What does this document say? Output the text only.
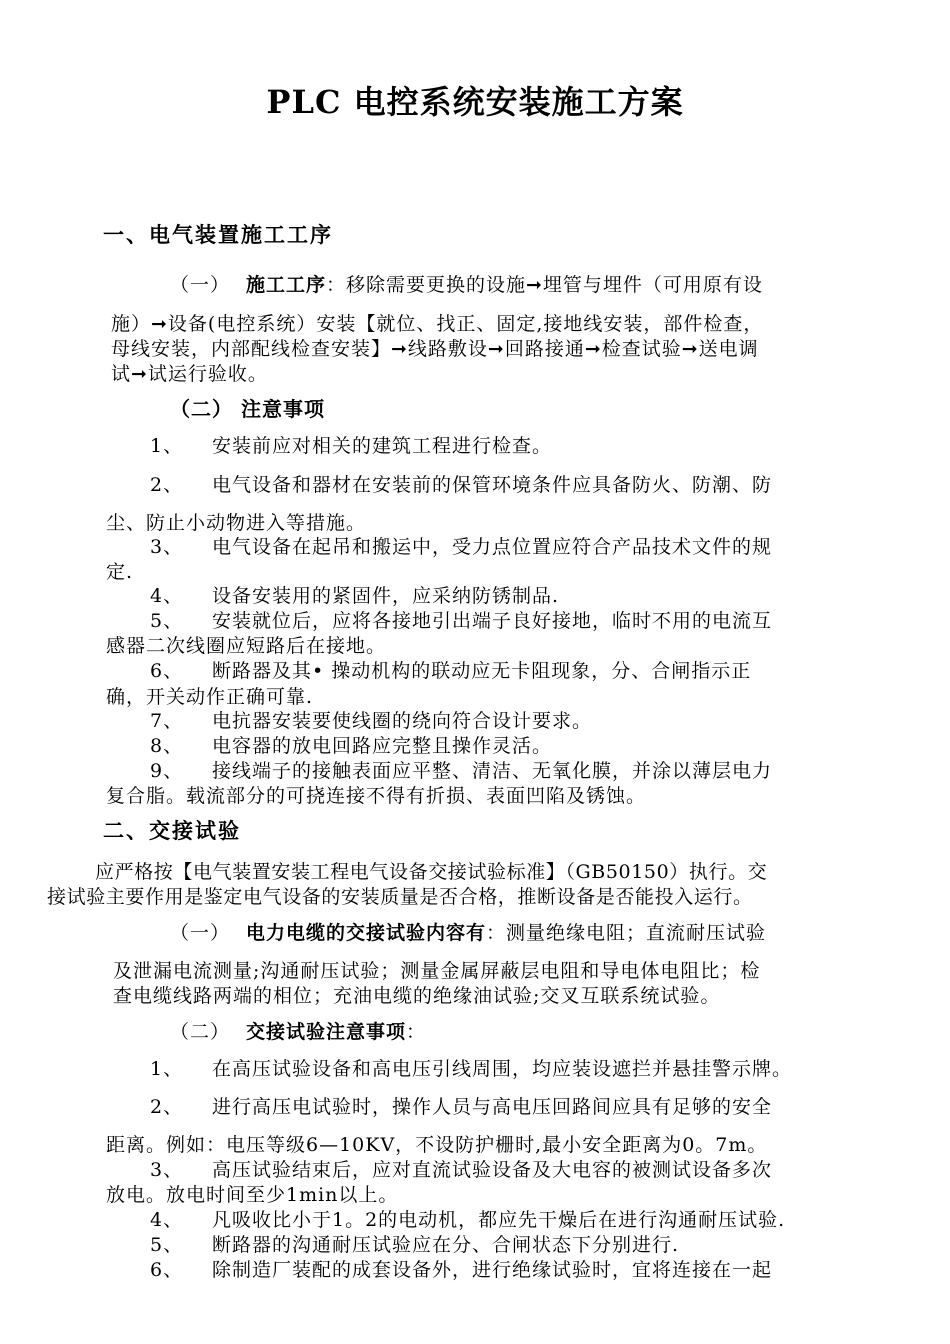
PLC 电控系统安装施工方案
一、电气装置施工工序
（一） 施工工序：移除需要更换的设施➞埋管与埋件（可用原有设
施）➞设备(电控系统）安装【就位、找正、固定,接地线安装，部件检查，
母线安装，内部配线检查安装】➞线路敷设➞回路接通➞检查试验➞送电调
试➞试运行验收。
（二） 注意事项
1、 安装前应对相关的建筑工程进行检查。
2、 电气设备和器材在安装前的保管环境条件应具备防火、防潮、防
尘、防止小动物进入等措施。
3、 电气设备在起吊和搬运中，受力点位置应符合产品技术文件的规
定.
4、 设备安装用的紧固件，应采纳防锈制品.
5、 安装就位后，应将各接地引出端子良好接地，临时不用的电流互
感器二次线圈应短路后在接地。
6、 断路器及其• 操动机构的联动应无卡阻现象，分、合闸指示正
确，开关动作正确可靠.
7、 电抗器安装要使线圈的绕向符合设计要求。
8、 电容器的放电回路应完整且操作灵活。
9、 接线端子的接触表面应平整、清洁、无氧化膜，并涂以薄层电力
复合脂。载流部分的可挠连接不得有折损、表面凹陷及锈蚀。
二、交接试验
应严格按【电气装置安装工程电气设备交接试验标准】（GB50150）执行。交
接试验主要作用是鉴定电气设备的安装质量是否合格，推断设备是否能投入运行。
（一） 电力电缆的交接试验内容有：测量绝缘电阻；直流耐压试验
及泄漏电流测量;沟通耐压试验；测量金属屏蔽层电阻和导电体电阻比；检
查电缆线路两端的相位；充油电缆的绝缘油试验;交叉互联系统试验。
（二） 交接试验注意事项：
1、 在高压试验设备和高电压引线周围，均应装设遮拦并悬挂警示牌。
2、 进行高压电试验时，操作人员与高电压回路间应具有足够的安全
距离。例如：电压等级6—10KV，不设防护栅时,最小安全距离为0。7m。
3、 高压试验结束后，应对直流试验设备及大电容的被测试设备多次
放电。放电时间至少1min以上。
4、 凡吸收比小于1。2的电动机，都应先干燥后在进行沟通耐压试验.
5、 断路器的沟通耐压试验应在分、合闸状态下分别进行.
6、 除制造厂装配的成套设备外，进行绝缘试验时，宜将连接在一起
